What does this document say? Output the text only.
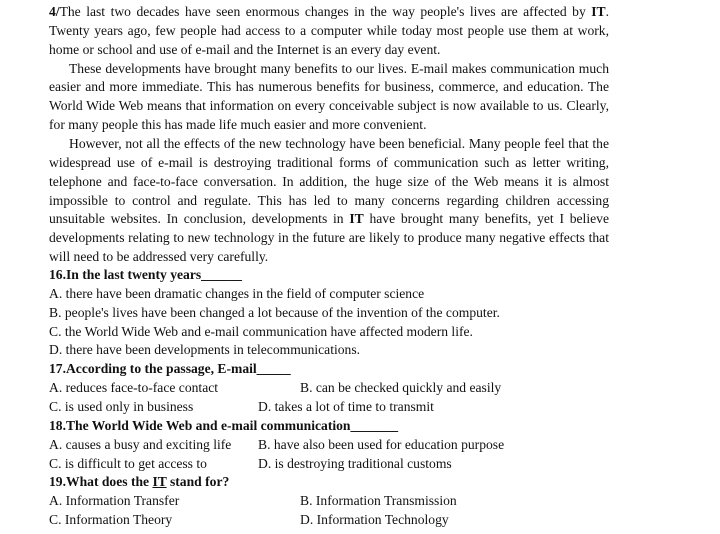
4/The last two decades have seen enormous changes in the way people's lives are affected by IT. Twenty years ago, few people had access to a computer while today most people use them at work, home or school and use of e-mail and the Internet is an every day event.

These developments have brought many benefits to our lives. E-mail makes communication much easier and more immediate. This has numerous benefits for business, commerce, and education. The World Wide Web means that information on every conceivable subject is now available to us. Clearly, for many people this has made life much easier and more convenient.

However, not all the effects of the new technology have been beneficial. Many people feel that the widespread use of e-mail is destroying traditional forms of communication such as letter writing, telephone and face-to-face conversation. In addition, the huge size of the Web means it is almost impossible to control and regulate. This has led to many concerns regarding children accessing unsuitable websites. In conclusion, developments in IT have brought many benefits, yet I believe developments relating to new technology in the future are likely to produce many negative effects that will need to be addressed very carefully.

16.In the last twenty years______
A. there have been dramatic changes in the field of computer science
B. people's lives have been changed a lot because of the invention of the computer.
C. the World Wide Web and e-mail communication have affected modern life.
D. there have been developments in telecommunications.
17.According to the passage, E-mail_____
A. reduces face-to-face contact	B. can be checked quickly and easily
C. is used only in business	D. takes a lot of time to transmit
18.The World Wide Web and e-mail communication_______
A. causes a busy and exciting life B. have also been used for education purpose
C. is difficult to get access to	D. is destroying traditional customs
19.What does the IT stand for?
A. Information Transfer	B. Information Transmission
C. Information Theory	D. Information Technology
